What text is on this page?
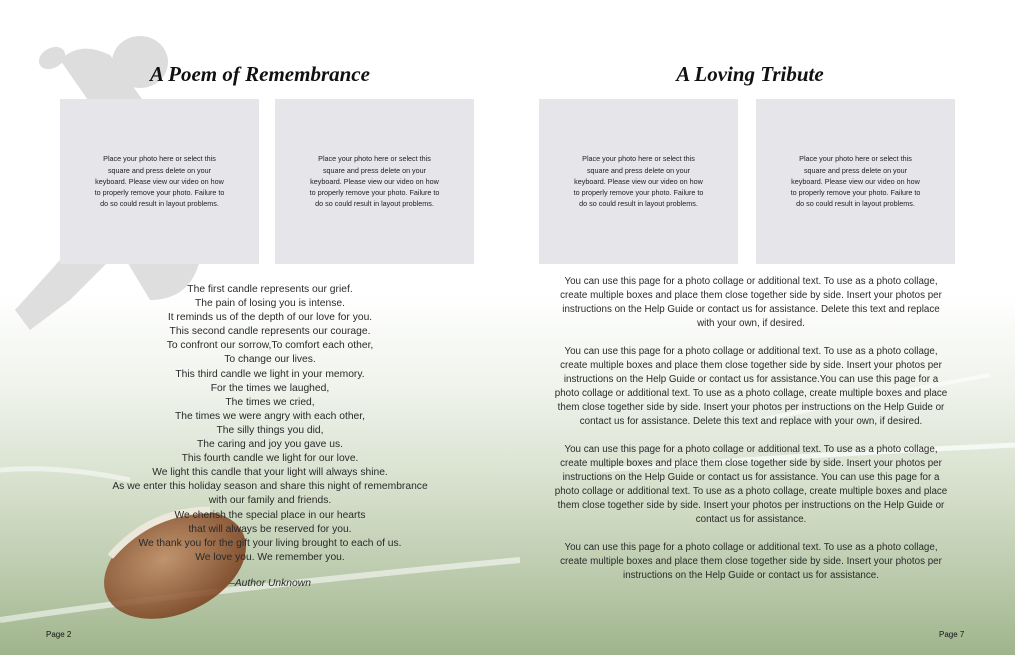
A Poem of Remembrance	A Loving Tribute

Place your photo here or select this square and press delete on your keyboard. Please view our video on how to properly remove your photo. Failure to do so could result in layout problems.

Place your photo here or select this square and press delete on your keyboard. Please view our video on how to properly remove your photo. Failure to do so could result in layout problems.

Place your photo here or select this square and press delete on your keyboard. Please view our video on how to properly remove your photo. Failure to do so could result in layout problems.

Place your photo here or select this square and press delete on your keyboard. Please view our video on how to properly remove your photo. Failure to do so could result in layout problems.

The first candle represents our grief.
The pain of losing you is intense.
It reminds us of the depth of our love for you.
This second candle represents our courage.
To confront our sorrow,To comfort each other,
To change our lives.
This third candle we light in your memory.
For the times we laughed,
The times we cried,
The times we were angry with each other,
The silly things you did,
The caring and joy you gave us.
This fourth candle we light for our love.
We light this candle that your light will always shine.
As we enter this holiday season and share this night of remembrance
with our family and friends.
We cherish the special place in our hearts
that will always be reserved for you.
We thank you for the gift your living brought to each of us.
We love you. We remember you.
–Author Unknown

You can use this page for a photo collage or additional text. To use as a photo collage, create multiple boxes and place them close together side by side. Insert your photos per instructions on the Help Guide or contact us for assistance. Delete this text and replace with your own, if desired.

You can use this page for a photo collage or additional text. To use as a photo collage, create multiple boxes and place them close together side by side. Insert your photos per instructions on the Help Guide or contact us for assistance.You can use this page for a photo collage or additional text. To use as a photo collage, create multiple boxes and place them close together side by side. Insert your photos per instructions on the Help Guide or contact us for assistance. Delete this text and replace with your own, if desired.

You can use this page for a photo collage or additional text. To use as a photo collage, create multiple boxes and place them close together side by side. Insert your photos per instructions on the Help Guide or contact us for assistance. You can use this page for a photo collage or additional text. To use as a photo collage, create multiple boxes and place them close together side by side. Insert your photos per instructions on the Help Guide or contact us for assistance.

You can use this page for a photo collage or additional text. To use as a photo collage, create multiple boxes and place them close together side by side. Insert your photos per instructions on the Help Guide or contact us for assistance.

Page 2	Page 7
